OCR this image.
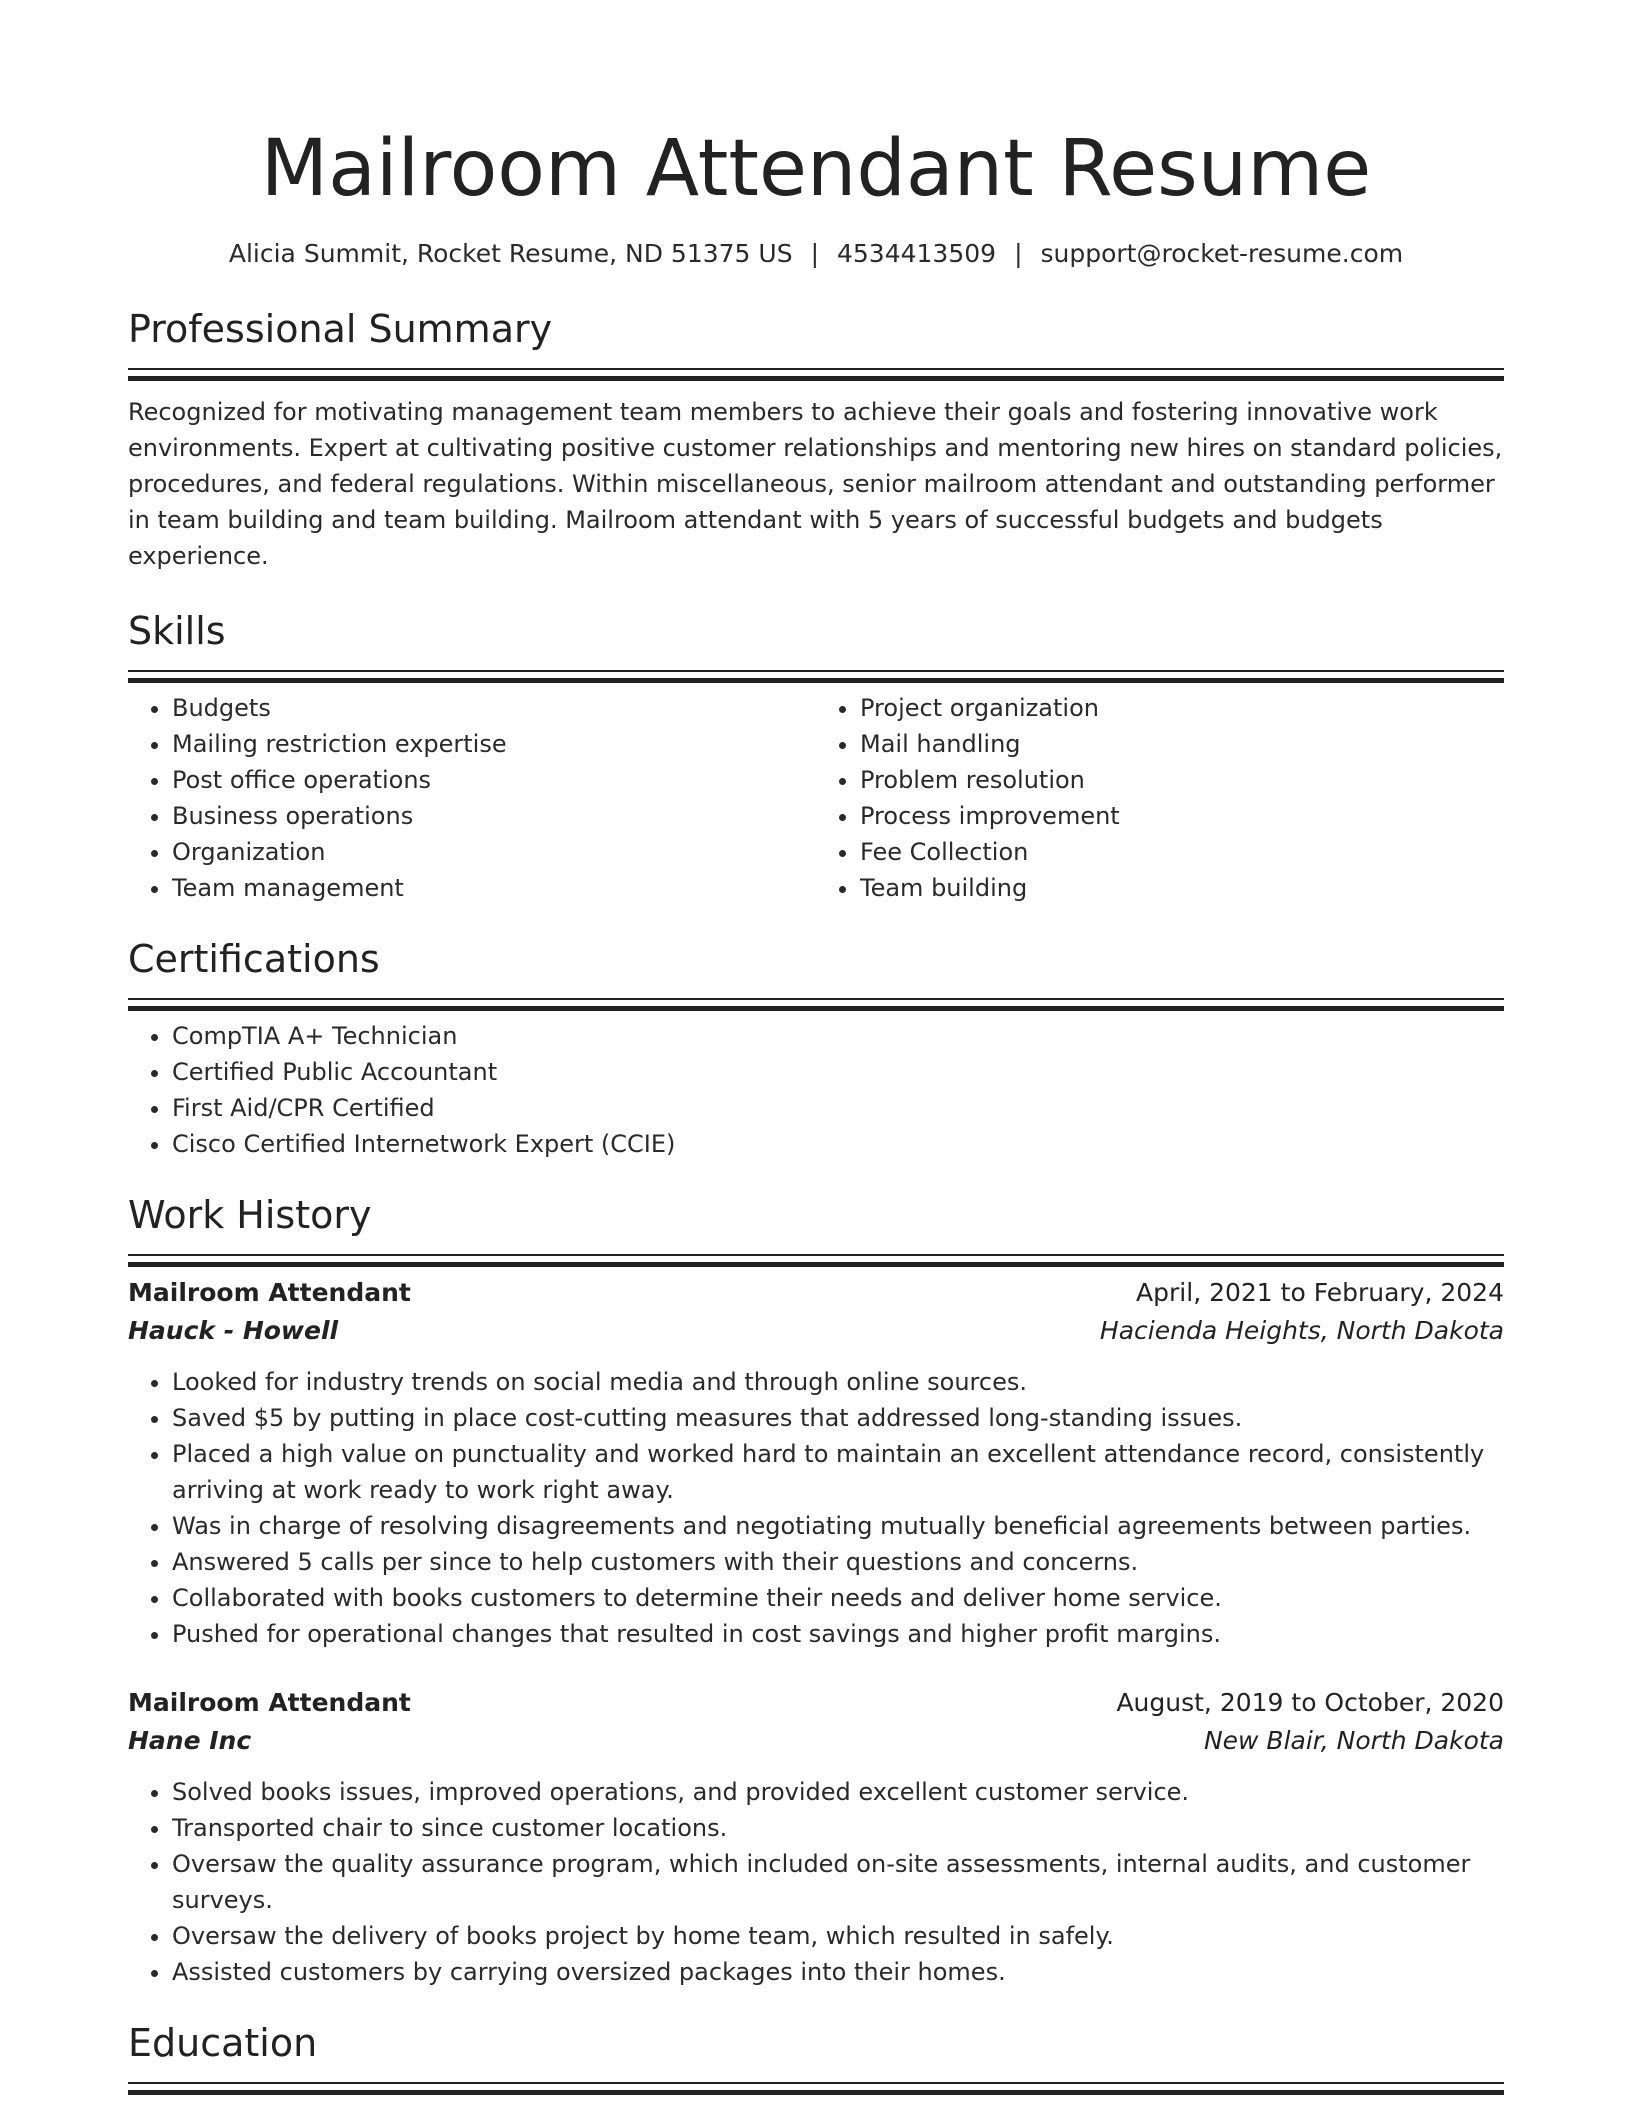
Mailroom Attendant Resume
Alicia Summit, Rocket Resume, ND 51375 US | 4534413509 | support@rocket-resume.com
Professional Summary
Recognized for motivating management team members to achieve their goals and fostering innovative work environments. Expert at cultivating positive customer relationships and mentoring new hires on standard policies, procedures, and federal regulations. Within miscellaneous, senior mailroom attendant and outstanding performer in team building and team building. Mailroom attendant with 5 years of successful budgets and budgets experience.
Skills
• Budgets
• Mailing restriction expertise
• Post office operations
• Business operations
• Organization
• Team management
• Project organization
• Mail handling
• Problem resolution
• Process improvement
• Fee Collection
• Team building
Certifications
• CompTIA A+ Technician
• Certified Public Accountant
• First Aid/CPR Certified
• Cisco Certified Internetwork Expert (CCIE)
Work History
Mailroom Attendant	April, 2021 to February, 2024
Hauck - Howell	Hacienda Heights, North Dakota
• Looked for industry trends on social media and through online sources.
• Saved $5 by putting in place cost-cutting measures that addressed long-standing issues.
• Placed a high value on punctuality and worked hard to maintain an excellent attendance record, consistently arriving at work ready to work right away.
• Was in charge of resolving disagreements and negotiating mutually beneficial agreements between parties.
• Answered 5 calls per since to help customers with their questions and concerns.
• Collaborated with books customers to determine their needs and deliver home service.
• Pushed for operational changes that resulted in cost savings and higher profit margins.
Mailroom Attendant	August, 2019 to October, 2020
Hane Inc	New Blair, North Dakota
• Solved books issues, improved operations, and provided excellent customer service.
• Transported chair to since customer locations.
• Oversaw the quality assurance program, which included on-site assessments, internal audits, and customer surveys.
• Oversaw the delivery of books project by home team, which resulted in safely.
• Assisted customers by carrying oversized packages into their homes.
Education
